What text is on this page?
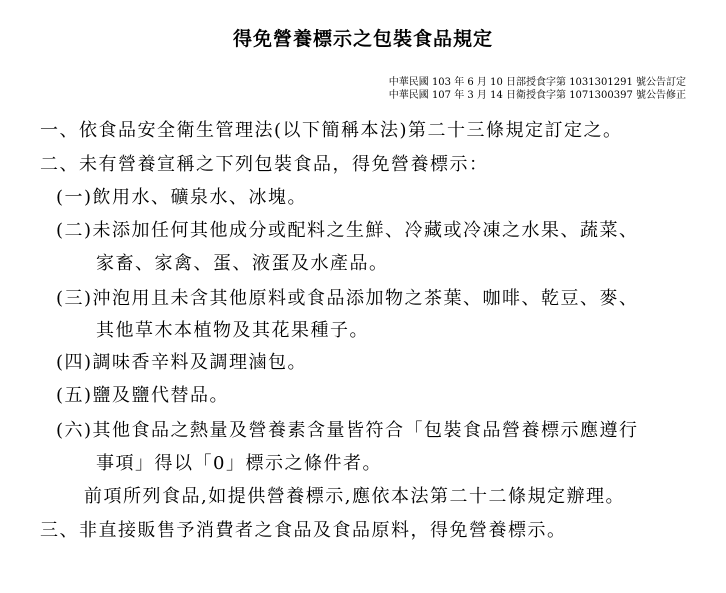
得免營養標示之包裝食品規定
中華民國 103 年 6 月 10 日部授食字第 1031301291 號公告訂定
中華民國 107 年 3 月 14 日衛授食字第 1071300397 號公告修正
一、依食品安全衛生管理法(以下簡稱本法)第二十三條規定訂定之。
二、未有營養宣稱之下列包裝食品，得免營養標示：
(一)飲用水、礦泉水、冰塊。
(二)未添加任何其他成分或配料之生鮮、冷藏或冷凍之水果、蔬菜、
家畜、家禽、蛋、液蛋及水產品。
(三)沖泡用且未含其他原料或食品添加物之茶葉、咖啡、乾豆、麥、
其他草木本植物及其花果種子。
(四)調味香辛料及調理滷包。
(五)鹽及鹽代替品。
(六)其他食品之熱量及營養素含量皆符合「包裝食品營養標示應遵行
事項」得以「0」標示之條件者。
前項所列食品,如提供營養標示,應依本法第二十二條規定辦理。
三、非直接販售予消費者之食品及食品原料，得免營養標示。
